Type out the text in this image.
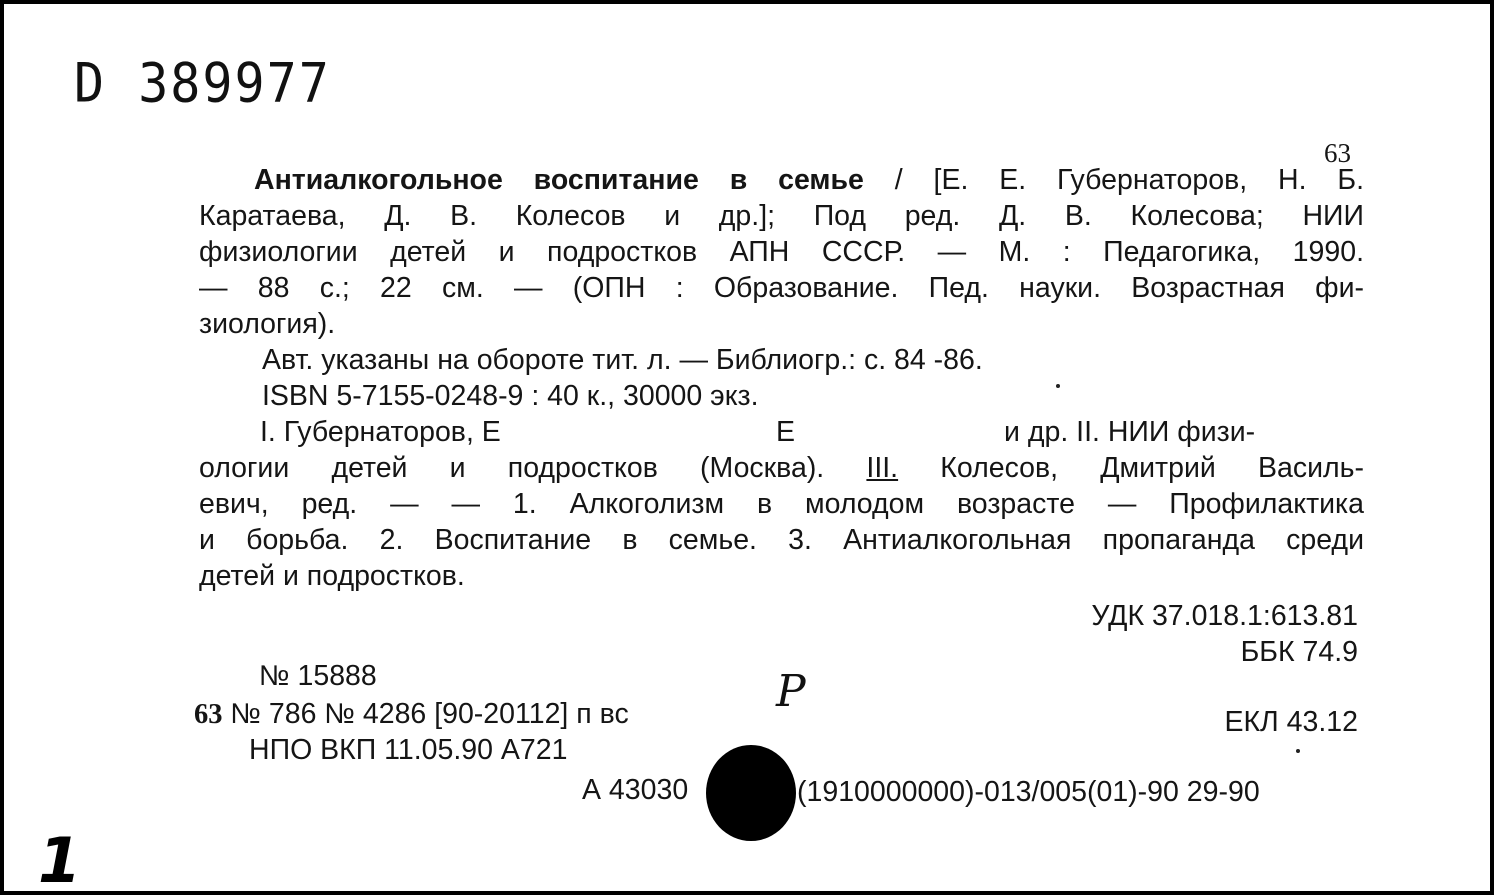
D 389977
63
Антиалкогольное воспитание в семье / [Е. Е. Губернаторов, Н. Б.
Каратаева, Д. В. Колесов и др.]; Под ред. Д. В. Колесова; НИИ
физиологии детей и подростков АПН СССР. — М. : Педагогика, 1990.
— 88 с.; 22 см. — (ОПН : Образование. Пед. науки. Возрастная фи-
зиология).
Авт. указаны на обороте тит. л. — Библиогр.: с. 84 -86.
ISBN 5-7155-0248-9 : 40 к., 30000 экз.
I. Губернаторов, Е	Е	и др. II. НИИ физи-
ологии детей и подростков (Москва). III. Колесов, Дмитрий Василь-
евич, ред. — — 1. Алкоголизм в молодом возрасте — Профилактика
и борьба. 2. Воспитание в семье. 3. Антиалкогольная пропаганда среди
детей и подростков.
УДК 37.018.1:613.81
ББК 74.9
№ 15888
63 № 786 № 4286 [90-20112] п вс	Р
ЕКЛ 43.12
НПО ВКП 11.05.90 А721
А 43030	(1910000000)-013/005(01)-90 29-90
1
